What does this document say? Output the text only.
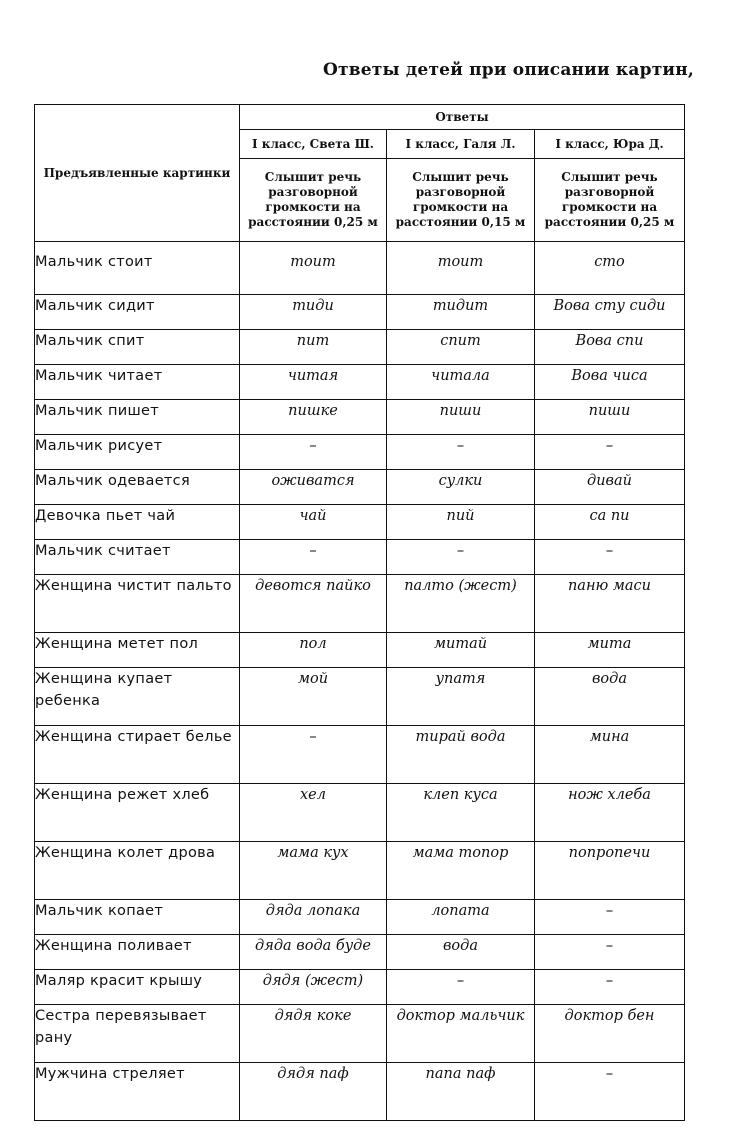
Ответы детей при описании картин,
Предъявленные картинки	Ответы		
	I класс, Света Ш.	I класс, Галя Л.	I класс, Юра Д.
	Слышит речь разговорной громкости на расстоянии 0,25 м	Слышит речь разговорной громкости на расстоянии 0,15 м	Слышит речь разговорной громкости на расстоянии 0,25 м
Мальчик стоит	тоит	тоит	сто
Мальчик сидит	тиди	тидит	Вова сту сиди
Мальчик спит	пит	спит	Вова спи
Мальчик читает	читая	читала	Вова чиса
Мальчик пишет	пишке	пиши	пиши
Мальчик рисует	–	–	–
Мальчик одевается	оживатся	сулки	дивай
Девочка пьет чай	чай	пий	са пи
Мальчик считает	–	–	–
Женщина чистит пальто	девотся пайко	палто (жест)	паню маси
Женщина метет пол	пол	митай	мита
Женщина купает ребенка	мой	упатя	вода
Женщина стирает белье	–	тирай вода	мина
Женщина режет хлеб	хел	клеп куса	нож хлеба
Женщина колет дрова	мама кух	мама топор	попропечи
Мальчик копает	дяда лопака	лопата	–
Женщина поливает	дяда вода буде	вода	–
Маляр красит крышу	дядя (жест)	–	–
Сестра перевязывает рану	дядя коке	доктор мальчик	доктор бен
Мужчина стреляет	дядя паф	папа паф	–
